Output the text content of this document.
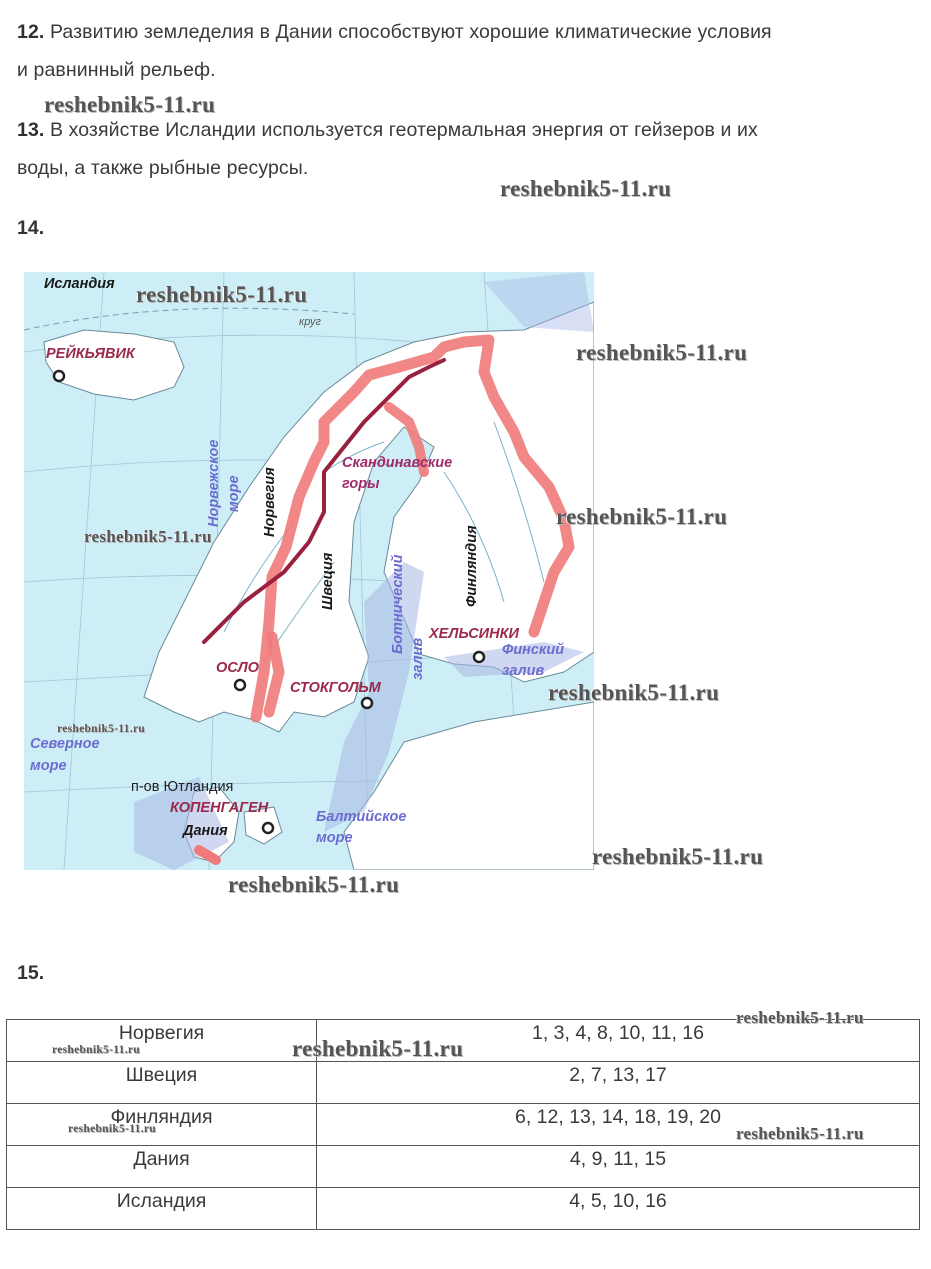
12. Развитию земледелия в Дании способствуют хорошие климатические условия
и равнинный рельеф.
reshebnik5-11.ru
13. В хозяйстве Исландии используется геотермальная энергия от гейзеров и их
воды, а также рыбные ресурсы.
reshebnik5-11.ru
14.
Исландия
круг
РЕЙКЬЯВИК
Норвежское море Норвегия
Скандинавские
горы
Швеция	Финляндия
Ботнический
залив
ХЕЛЬСИНКИ
Финский
залив
ОСЛО
СТОКГОЛЬМ
Северное
море
п-ов Ютландия
КОПЕНГАГЕН
Дания
Балтийское
море
reshebnik5-11.ru
reshebnik5-11.ru
reshebnik5-11.ru
reshebnik5-11.ru
reshebnik5-11.ru
reshebnik5-11.ru
reshebnik5-11.ru
reshebnik5-11.ru
15.
Норвегия	1, 3, 4, 8, 10, 11, 16
Швеция	2, 7, 13, 17
Финляндия	6, 12, 13, 14, 18, 19, 20
Дания	4, 9, 11, 15
Исландия	4, 5, 10, 16
reshebnik5-11.ru
reshebnik5-11.ru	reshebnik5-11.ru
reshebnik5-11.ru	reshebnik5-11.ru
